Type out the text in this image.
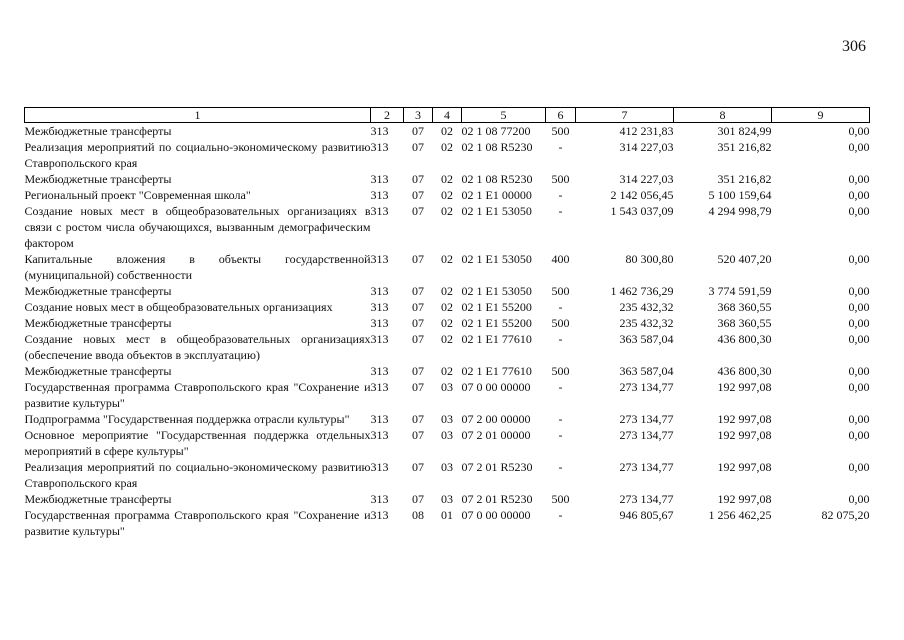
306
1	2	3	4	5	6	7	8	9
Межбюджетные трансферты	313	07	02	02 1 08 77200	500	412 231,83	301 824,99	0,00
Реализация мероприятий по социально-экономическому развитию Ставропольского края	313	07	02	02 1 08 R5230	-	314 227,03	351 216,82	0,00
Межбюджетные трансферты	313	07	02	02 1 08 R5230	500	314 227,03	351 216,82	0,00
Региональный проект "Современная школа"	313	07	02	02 1 E1 00000	-	2 142 056,45	5 100 159,64	0,00
Создание новых мест в общеобразовательных организациях в связи с ростом числа обучающихся, вызванным демографическим фактором	313	07	02	02 1 E1 53050	-	1 543 037,09	4 294 998,79	0,00
Капитальные вложения в объекты государственной (муниципальной) собственности	313	07	02	02 1 E1 53050	400	80 300,80	520 407,20	0,00
Межбюджетные трансферты	313	07	02	02 1 E1 53050	500	1 462 736,29	3 774 591,59	0,00
Создание новых мест в общеобразовательных организациях	313	07	02	02 1 E1 55200	-	235 432,32	368 360,55	0,00
Межбюджетные трансферты	313	07	02	02 1 E1 55200	500	235 432,32	368 360,55	0,00
Создание новых мест в общеобразовательных организациях (обеспечение ввода объектов в эксплуатацию)	313	07	02	02 1 E1 77610	-	363 587,04	436 800,30	0,00
Межбюджетные трансферты	313	07	02	02 1 E1 77610	500	363 587,04	436 800,30	0,00
Государственная программа Ставропольского края "Сохранение и развитие культуры"	313	07	03	07 0 00 00000	-	273 134,77	192 997,08	0,00
Подпрограмма "Государственная поддержка отрасли культуры"	313	07	03	07 2 00 00000	-	273 134,77	192 997,08	0,00
Основное мероприятие "Государственная поддержка отдельных мероприятий в сфере культуры"	313	07	03	07 2 01 00000	-	273 134,77	192 997,08	0,00
Реализация мероприятий по социально-экономическому развитию Ставропольского края	313	07	03	07 2 01 R5230	-	273 134,77	192 997,08	0,00
Межбюджетные трансферты	313	07	03	07 2 01 R5230	500	273 134,77	192 997,08	0,00
Государственная программа Ставропольского края "Сохранение и развитие культуры"	313	08	01	07 0 00 00000	-	946 805,67	1 256 462,25	82 075,20
